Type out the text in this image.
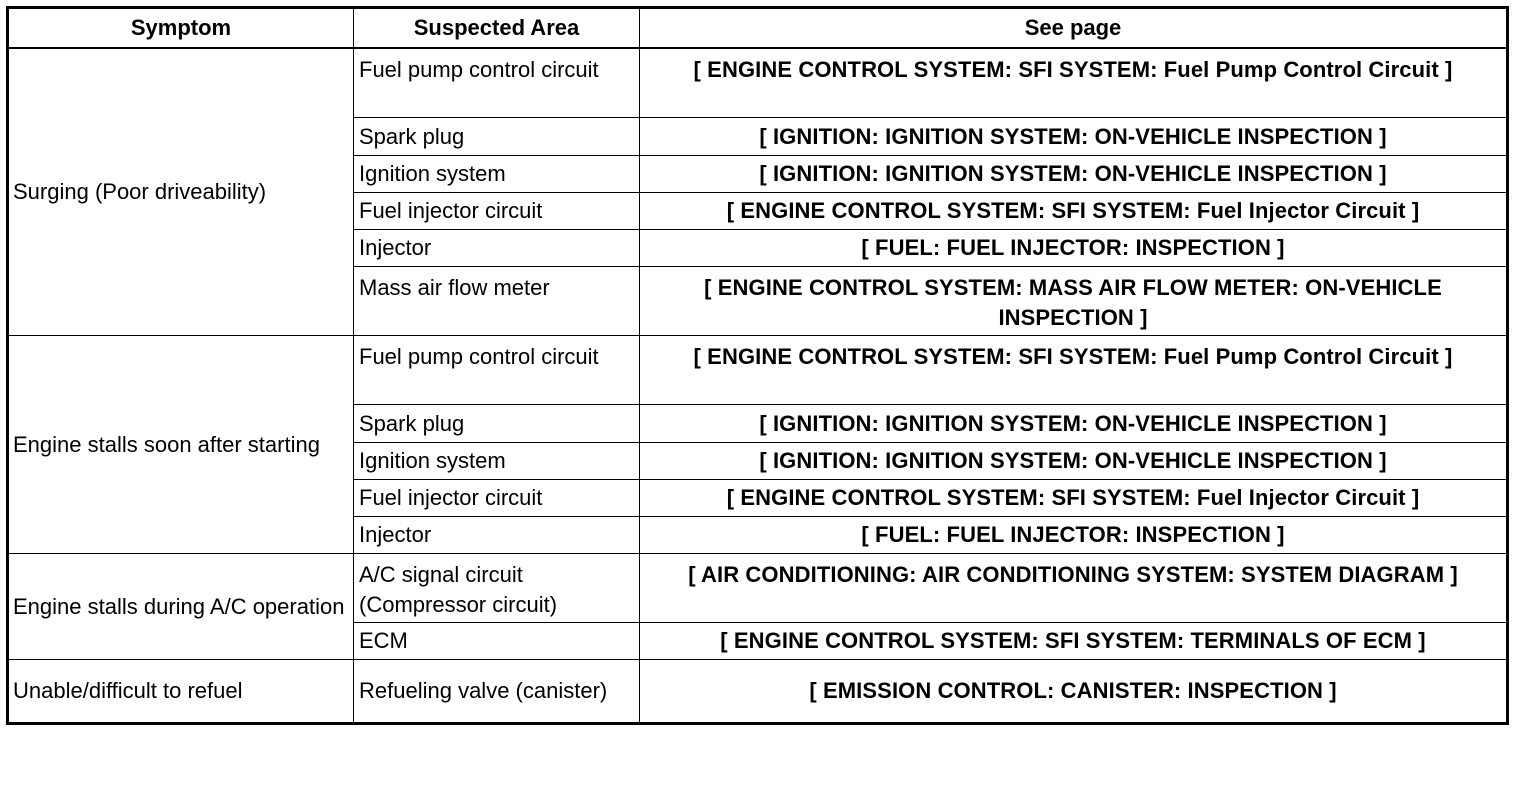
Symptom	Suspected Area	See page
Surging (Poor driveability)	Fuel pump control circuit	[ ENGINE CONTROL SYSTEM: SFI SYSTEM: Fuel Pump Control Circuit ]
	Spark plug	[ IGNITION: IGNITION SYSTEM: ON-VEHICLE INSPECTION ]
	Ignition system	[ IGNITION: IGNITION SYSTEM: ON-VEHICLE INSPECTION ]
	Fuel injector circuit	[ ENGINE CONTROL SYSTEM: SFI SYSTEM: Fuel Injector Circuit ]
	Injector	[ FUEL: FUEL INJECTOR: INSPECTION ]
	Mass air flow meter	[ ENGINE CONTROL SYSTEM: MASS AIR FLOW METER: ON-VEHICLE INSPECTION ]
Engine stalls soon after starting	Fuel pump control circuit	[ ENGINE CONTROL SYSTEM: SFI SYSTEM: Fuel Pump Control Circuit ]
	Spark plug	[ IGNITION: IGNITION SYSTEM: ON-VEHICLE INSPECTION ]
	Ignition system	[ IGNITION: IGNITION SYSTEM: ON-VEHICLE INSPECTION ]
	Fuel injector circuit	[ ENGINE CONTROL SYSTEM: SFI SYSTEM: Fuel Injector Circuit ]
	Injector	[ FUEL: FUEL INJECTOR: INSPECTION ]
Engine stalls during A/C operation	A/C signal circuit (Compressor circuit)	[ AIR CONDITIONING: AIR CONDITIONING SYSTEM: SYSTEM DIAGRAM ]
	ECM	[ ENGINE CONTROL SYSTEM: SFI SYSTEM: TERMINALS OF ECM ]
Unable/difficult to refuel	Refueling valve (canister)	[ EMISSION CONTROL: CANISTER: INSPECTION ]
